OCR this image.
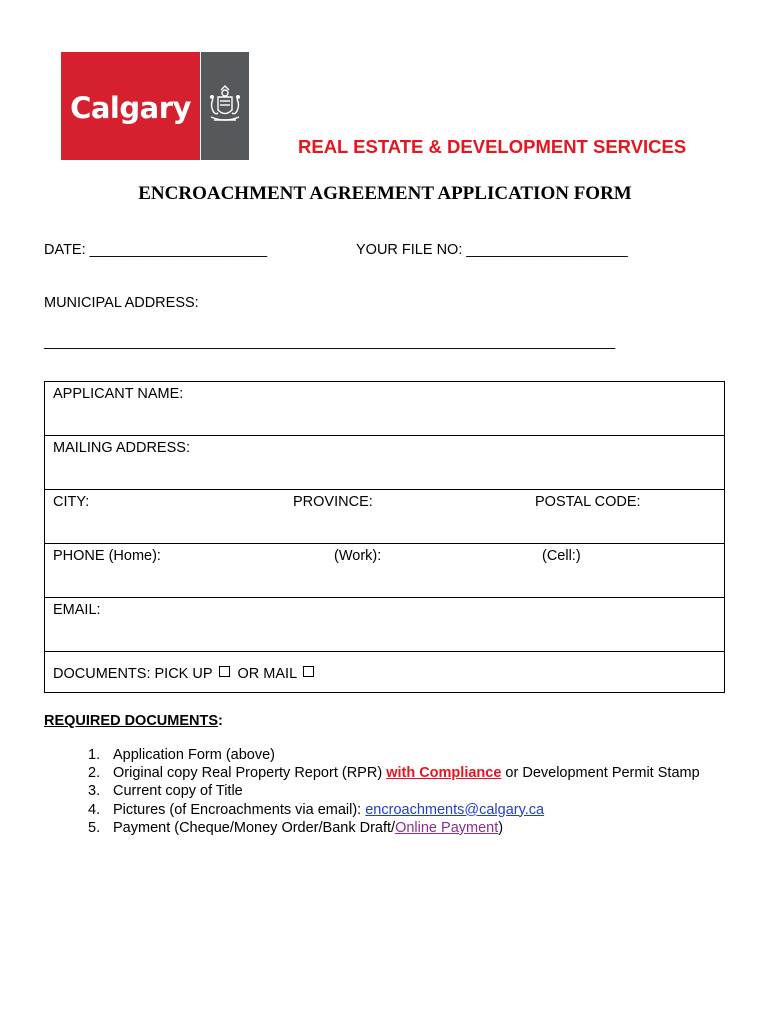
Calgary
REAL ESTATE & DEVELOPMENT SERVICES
ENCROACHMENT AGREEMENT APPLICATION FORM
DATE: ______________________	YOUR FILE NO: ____________________
MUNICIPAL ADDRESS:
__________________________________________________________________________
APPLICANT NAME:
MAILING ADDRESS:
CITY:	PROVINCE:	POSTAL CODE:
PHONE (Home):	(Work):	(Cell:)
EMAIL:
DOCUMENTS: PICK UP OR MAIL
REQUIRED DOCUMENTS:
1. Application Form (above)
2. Original copy Real Property Report (RPR) with Compliance or Development Permit Stamp
3. Current copy of Title
4. Pictures (of Encroachments via email): encroachments@calgary.ca
5. Payment (Cheque/Money Order/Bank Draft/Online Payment)
